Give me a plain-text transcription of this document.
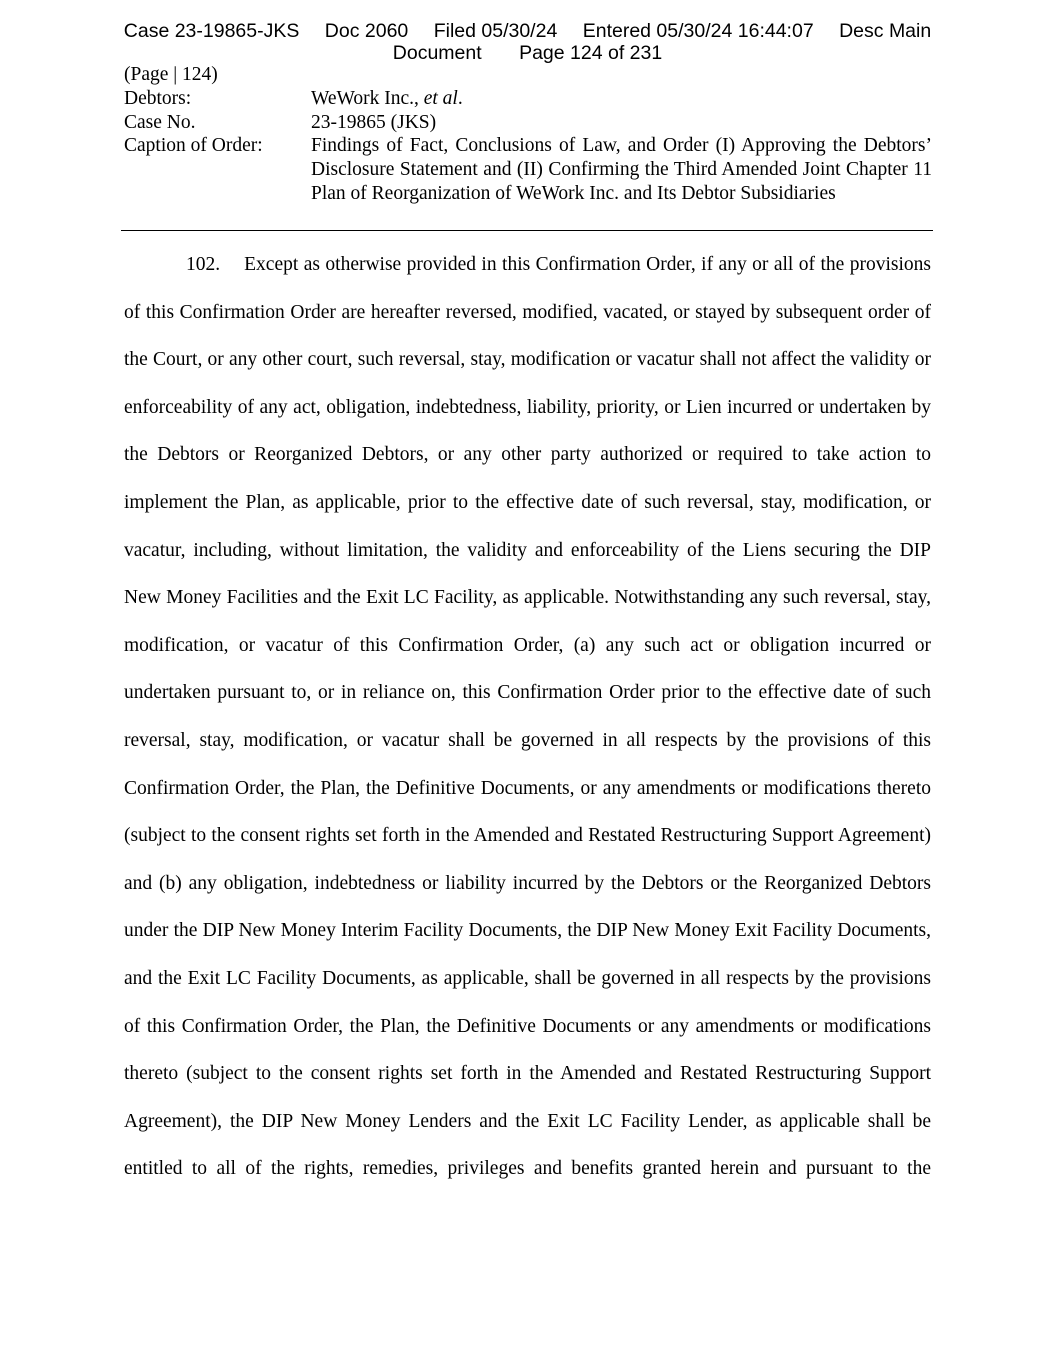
Case 23-19865-JKS Doc 2060 Filed 05/30/24 Entered 05/30/24 16:44:07 Desc Main
Document Page 124 of 231
(Page | 124)
Debtors:	WeWork Inc., et al.
Case No.	23-19865 (JKS)
Caption of Order:	Findings of Fact, Conclusions of Law, and Order (I) Approving the Debtors’ Disclosure Statement and (II) Confirming the Third Amended Joint Chapter 11 Plan of Reorganization of WeWork Inc. and Its Debtor Subsidiaries

102. Except as otherwise provided in this Confirmation Order, if any or all of the provisions of this Confirmation Order are hereafter reversed, modified, vacated, or stayed by subsequent order of the Court, or any other court, such reversal, stay, modification or vacatur shall not affect the validity or enforceability of any act, obligation, indebtedness, liability, priority, or Lien incurred or undertaken by the Debtors or Reorganized Debtors, or any other party authorized or required to take action to implement the Plan, as applicable, prior to the effective date of such reversal, stay, modification, or vacatur, including, without limitation, the validity and enforceability of the Liens securing the DIP New Money Facilities and the Exit LC Facility, as applicable. Notwithstanding any such reversal, stay, modification, or vacatur of this Confirmation Order, (a) any such act or obligation incurred or undertaken pursuant to, or in reliance on, this Confirmation Order prior to the effective date of such reversal, stay, modification, or vacatur shall be governed in all respects by the provisions of this Confirmation Order, the Plan, the Definitive Documents, or any amendments or modifications thereto (subject to the consent rights set forth in the Amended and Restated Restructuring Support Agreement) and (b) any obligation, indebtedness or liability incurred by the Debtors or the Reorganized Debtors under the DIP New Money Interim Facility Documents, the DIP New Money Exit Facility Documents, and the Exit LC Facility Documents, as applicable, shall be governed in all respects by the provisions of this Confirmation Order, the Plan, the Definitive Documents or any amendments or modifications thereto (subject to the consent rights set forth in the Amended and Restated Restructuring Support Agreement), the DIP New Money Lenders and the Exit LC Facility Lender, as applicable shall be entitled to all of the rights, remedies, privileges and benefits granted herein and pursuant to the
